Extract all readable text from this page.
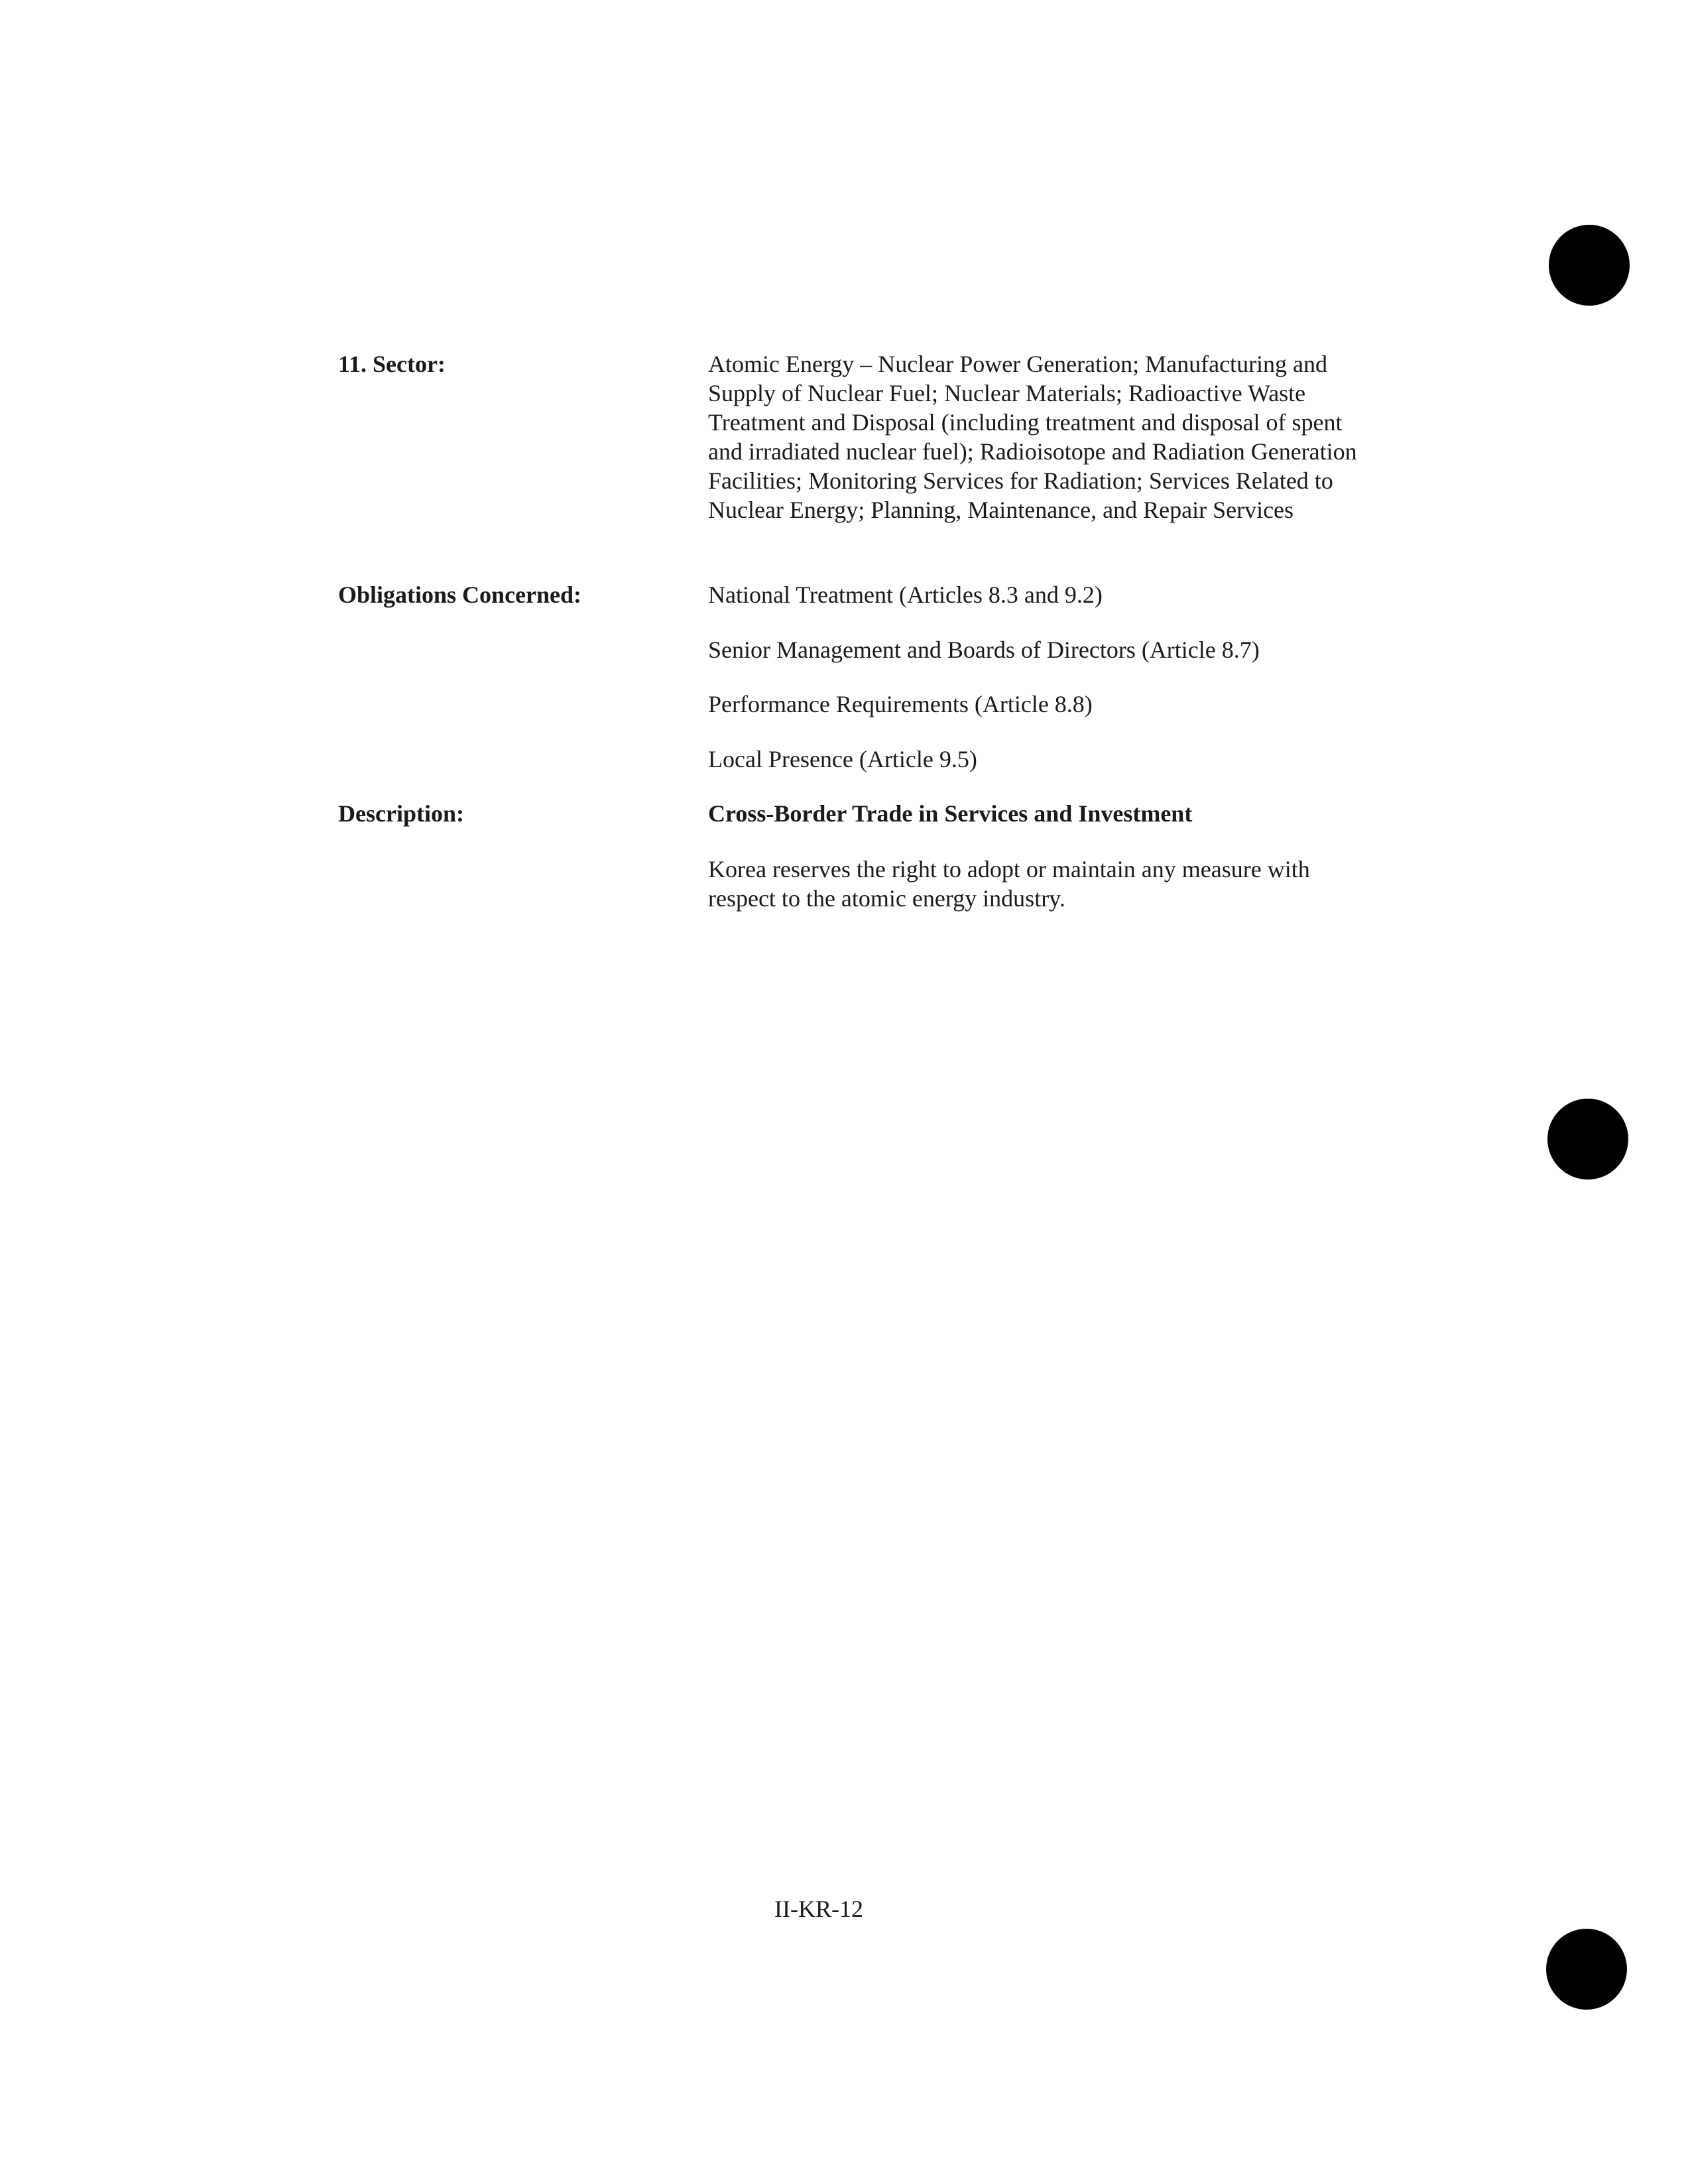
11. Sector:	Atomic Energy – Nuclear Power Generation; Manufacturing and Supply of Nuclear Fuel; Nuclear Materials; Radioactive Waste Treatment and Disposal (including treatment and disposal of spent and irradiated nuclear fuel); Radioisotope and Radiation Generation Facilities; Monitoring Services for Radiation; Services Related to Nuclear Energy; Planning, Maintenance, and Repair Services
Obligations Concerned:	National Treatment (Articles 8.3 and 9.2)
Senior Management and Boards of Directors (Article 8.7)
Performance Requirements (Article 8.8)
Local Presence (Article 9.5)
Description:	Cross-Border Trade in Services and Investment
Korea reserves the right to adopt or maintain any measure with respect to the atomic energy industry.
II-KR-12
